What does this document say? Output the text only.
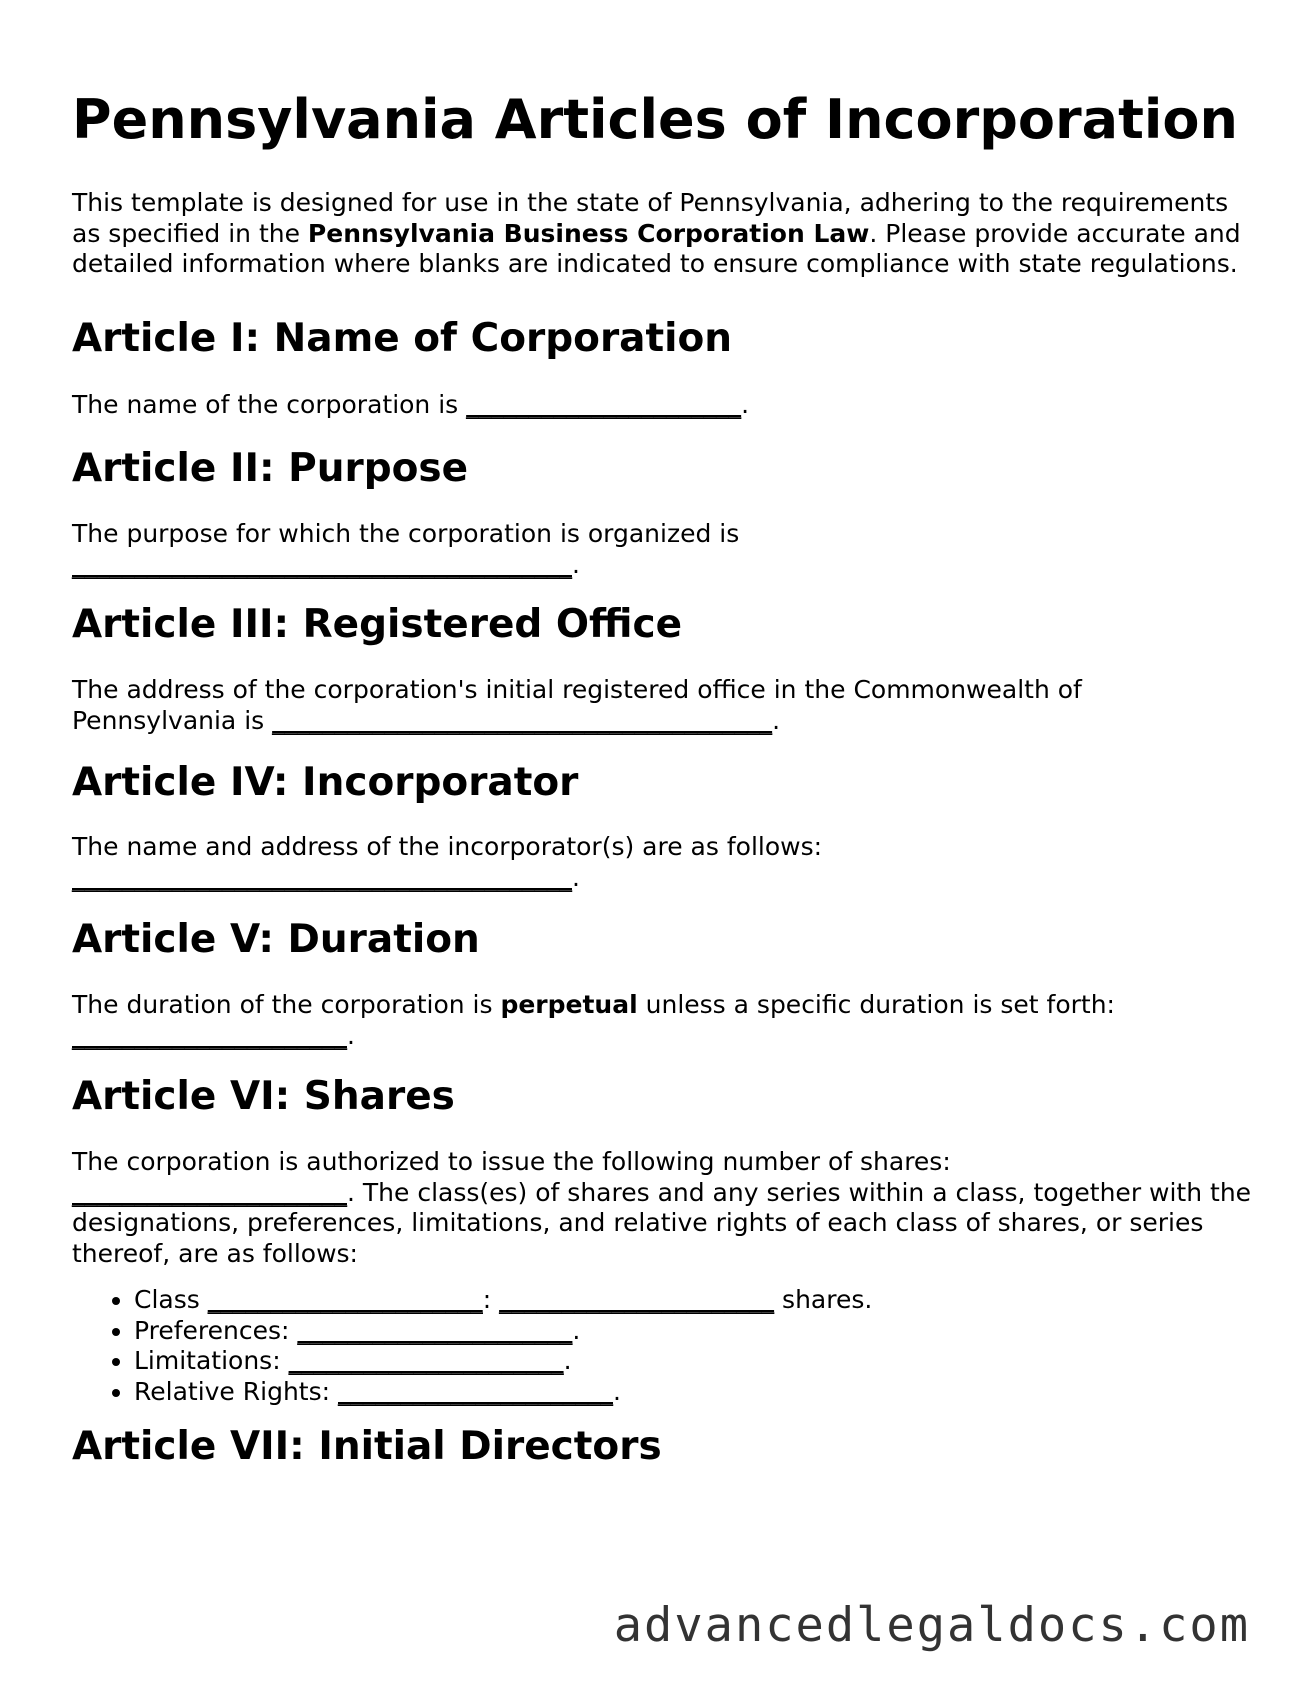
Pennsylvania Articles of Incorporation

This template is designed for use in the state of Pennsylvania, adhering to the requirements as specified in the Pennsylvania Business Corporation Law. Please provide accurate and detailed information where blanks are indicated to ensure compliance with state regulations.

Article I: Name of Corporation

The name of the corporation is ______________________.

Article II: Purpose

The purpose for which the corporation is organized is
________________________________________.

Article III: Registered Office

The address of the corporation's initial registered office in the Commonwealth of Pennsylvania is ________________________________________.

Article IV: Incorporator

The name and address of the incorporator(s) are as follows:
________________________________________.

Article V: Duration

The duration of the corporation is perpetual unless a specific duration is set forth:
______________________.

Article VI: Shares

The corporation is authorized to issue the following number of shares:
______________________. The class(es) of shares and any series within a class, together with the designations, preferences, limitations, and relative rights of each class of shares, or series thereof, are as follows:

• Class ______________________: ______________________ shares.
• Preferences: ______________________.
• Limitations: ______________________.
• Relative Rights: ______________________.
Article VII: Initial Directors
advancedlegaldocs.com
